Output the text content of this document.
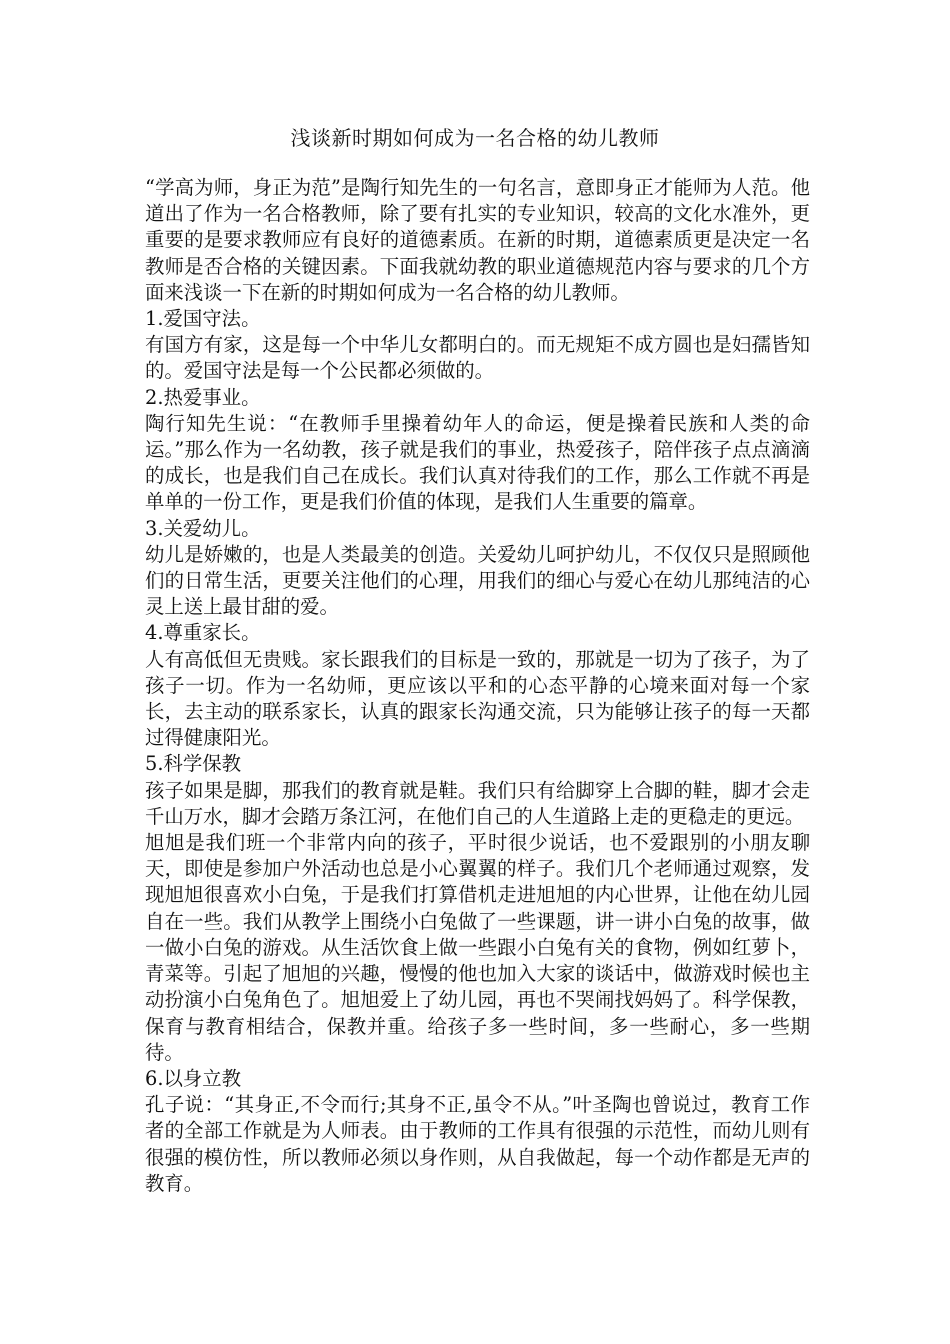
浅谈新时期如何成为一名合格的幼儿教师

“学高为师，身正为范”是陶行知先生的一句名言，意即身正才能师为人范。他道出了作为一名合格教师，除了要有扎实的专业知识，较高的文化水准外，更重要的是要求教师应有良好的道德素质。在新的时期，道德素质更是决定一名教师是否合格的关键因素。下面我就幼教的职业道德规范内容与要求的几个方面来浅谈一下在新的时期如何成为一名合格的幼儿教师。

1.爱国守法。

有国方有家，这是每一个中华儿女都明白的。而无规矩不成方圆也是妇孺皆知的。爱国守法是每一个公民都必须做的。

2.热爱事业。

陶行知先生说：“在教师手里操着幼年人的命运，便是操着民族和人类的命运。”那么作为一名幼教，孩子就是我们的事业，热爱孩子，陪伴孩子点点滴滴的成长，也是我们自己在成长。我们认真对待我们的工作，那么工作就不再是单单的一份工作，更是我们价值的体现，是我们人生重要的篇章。

3.关爱幼儿。

幼儿是娇嫩的，也是人类最美的创造。关爱幼儿呵护幼儿，不仅仅只是照顾他们的日常生活，更要关注他们的心理，用我们的细心与爱心在幼儿那纯洁的心灵上送上最甘甜的爱。

4.尊重家长。

人有高低但无贵贱。家长跟我们的目标是一致的，那就是一切为了孩子，为了孩子一切。作为一名幼师，更应该以平和的心态平静的心境来面对每一个家长，去主动的联系家长，认真的跟家长沟通交流，只为能够让孩子的每一天都过得健康阳光。

5.科学保教

孩子如果是脚，那我们的教育就是鞋。我们只有给脚穿上合脚的鞋，脚才会走千山万水，脚才会踏万条江河，在他们自己的人生道路上走的更稳走的更远。

旭旭是我们班一个非常内向的孩子，平时很少说话，也不爱跟别的小朋友聊天，即使是参加户外活动也总是小心翼翼的样子。我们几个老师通过观察，发现旭旭很喜欢小白兔，于是我们打算借机走进旭旭的内心世界，让他在幼儿园自在一些。我们从教学上围绕小白兔做了一些课题，讲一讲小白兔的故事，做一做小白兔的游戏。从生活饮食上做一些跟小白兔有关的食物，例如红萝卜，青菜等。引起了旭旭的兴趣，慢慢的他也加入大家的谈话中，做游戏时候也主动扮演小白兔角色了。旭旭爱上了幼儿园，再也不哭闹找妈妈了。科学保教，保育与教育相结合，保教并重。给孩子多一些时间，多一些耐心，多一些期待。

6.以身立教

孔子说：“其身正,不令而行;其身不正,虽令不从。”叶圣陶也曾说过，教育工作者的全部工作就是为人师表。由于教师的工作具有很强的示范性，而幼儿则有很强的模仿性，所以教师必须以身作则，从自我做起，每一个动作都是无声的教育。
